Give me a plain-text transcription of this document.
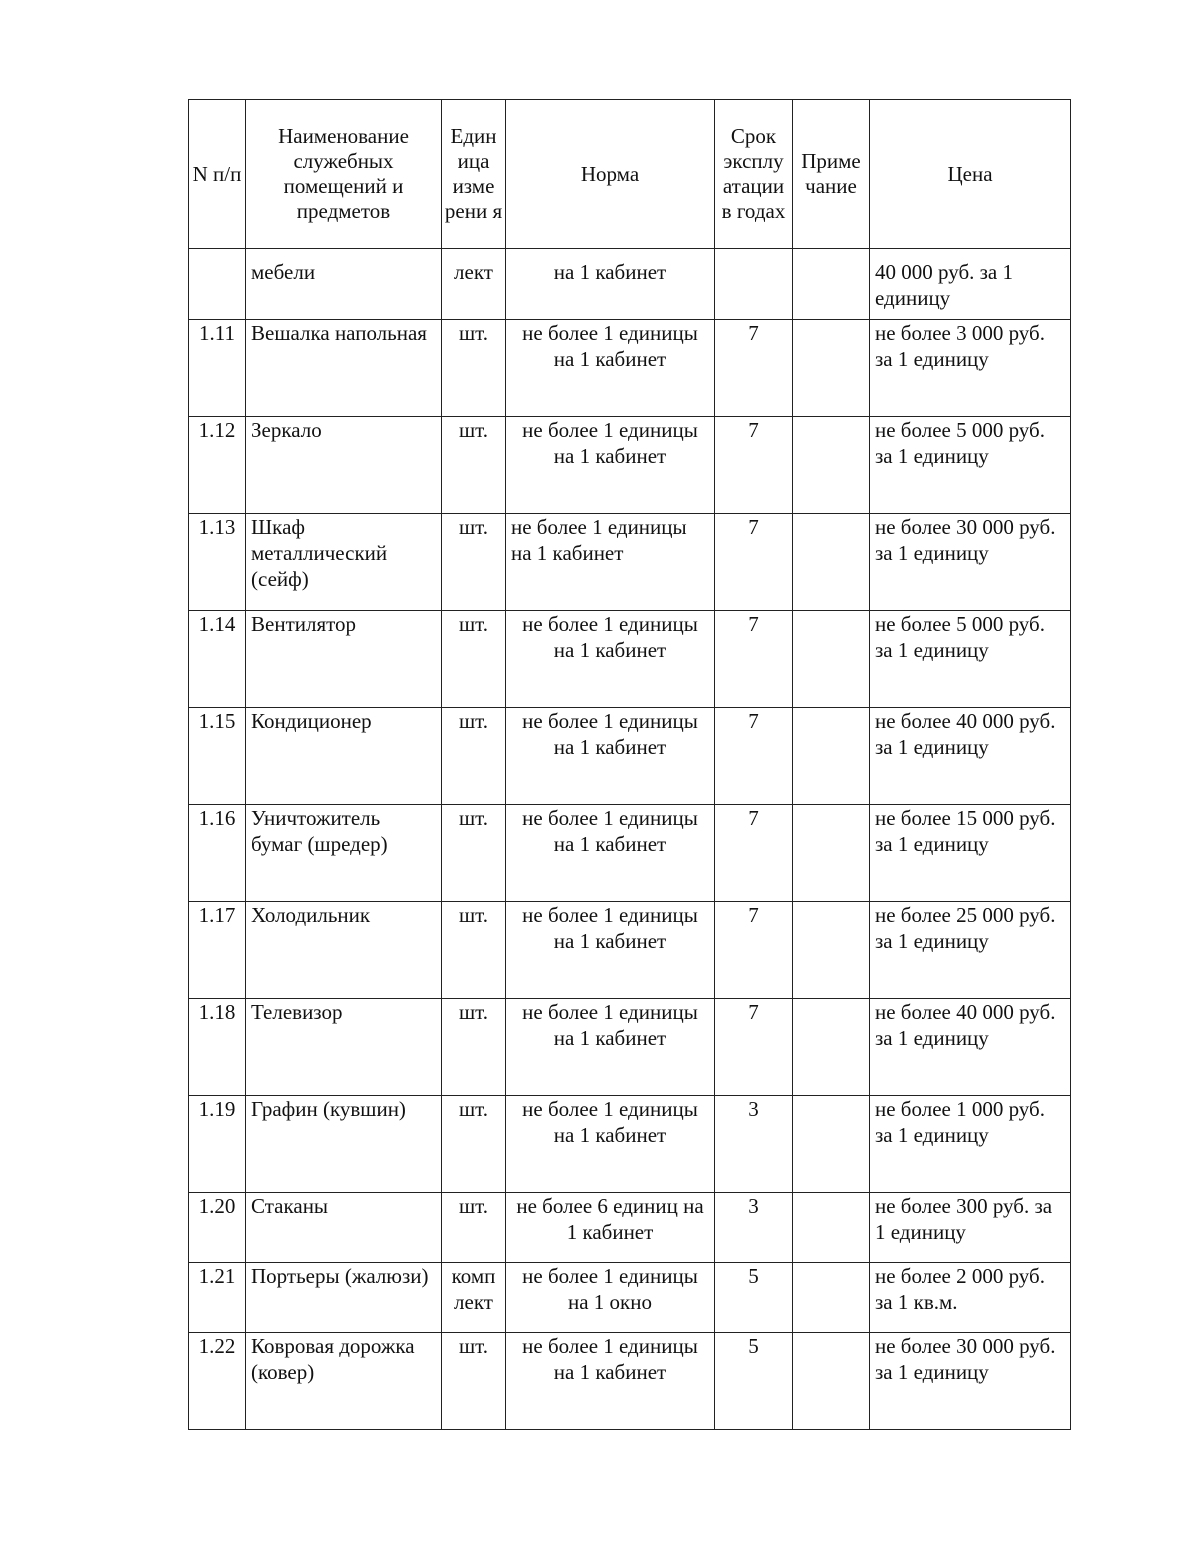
N п/п	Наименование служебных помещений и предметов	Един ица изме рени я	Норма	Срок эксплу атации в годах	Приме чание	Цена
	мебели	лект	на 1 кабинет			40 000 руб. за 1 единицу
1.11	Вешалка напольная	шт.	не более 1 единицы на 1 кабинет	7		не более 3 000 руб. за 1 единицу
1.12	Зеркало	шт.	не более 1 единицы на 1 кабинет	7		не более 5 000 руб. за 1 единицу
1.13	Шкаф металлический (сейф)	шт.	не более 1 единицы на 1 кабинет	7		не более 30 000 руб. за 1 единицу
1.14	Вентилятор	шт.	не более 1 единицы на 1 кабинет	7		не более 5 000 руб. за 1 единицу
1.15	Кондиционер	шт.	не более 1 единицы на 1 кабинет	7		не более 40 000 руб. за 1 единицу
1.16	Уничтожитель бумаг (шредер)	шт.	не более 1 единицы на 1 кабинет	7		не более 15 000 руб. за 1 единицу
1.17	Холодильник	шт.	не более 1 единицы на 1 кабинет	7		не более 25 000 руб. за 1 единицу
1.18	Телевизор	шт.	не более 1 единицы на 1 кабинет	7		не более 40 000 руб. за 1 единицу
1.19	Графин (кувшин)	шт.	не более 1 единицы на 1 кабинет	3		не более 1 000 руб. за 1 единицу
1.20	Стаканы	шт.	не более 6 единиц на 1 кабинет	3		не более 300 руб. за 1 единицу
1.21	Портьеры (жалюзи)	комп лект	не более 1 единицы на 1 окно	5		не более 2 000 руб. за 1 кв.м.
1.22	Ковровая дорожка (ковер)	шт.	не более 1 единицы на 1 кабинет	5		не более 30 000 руб. за 1 единицу
